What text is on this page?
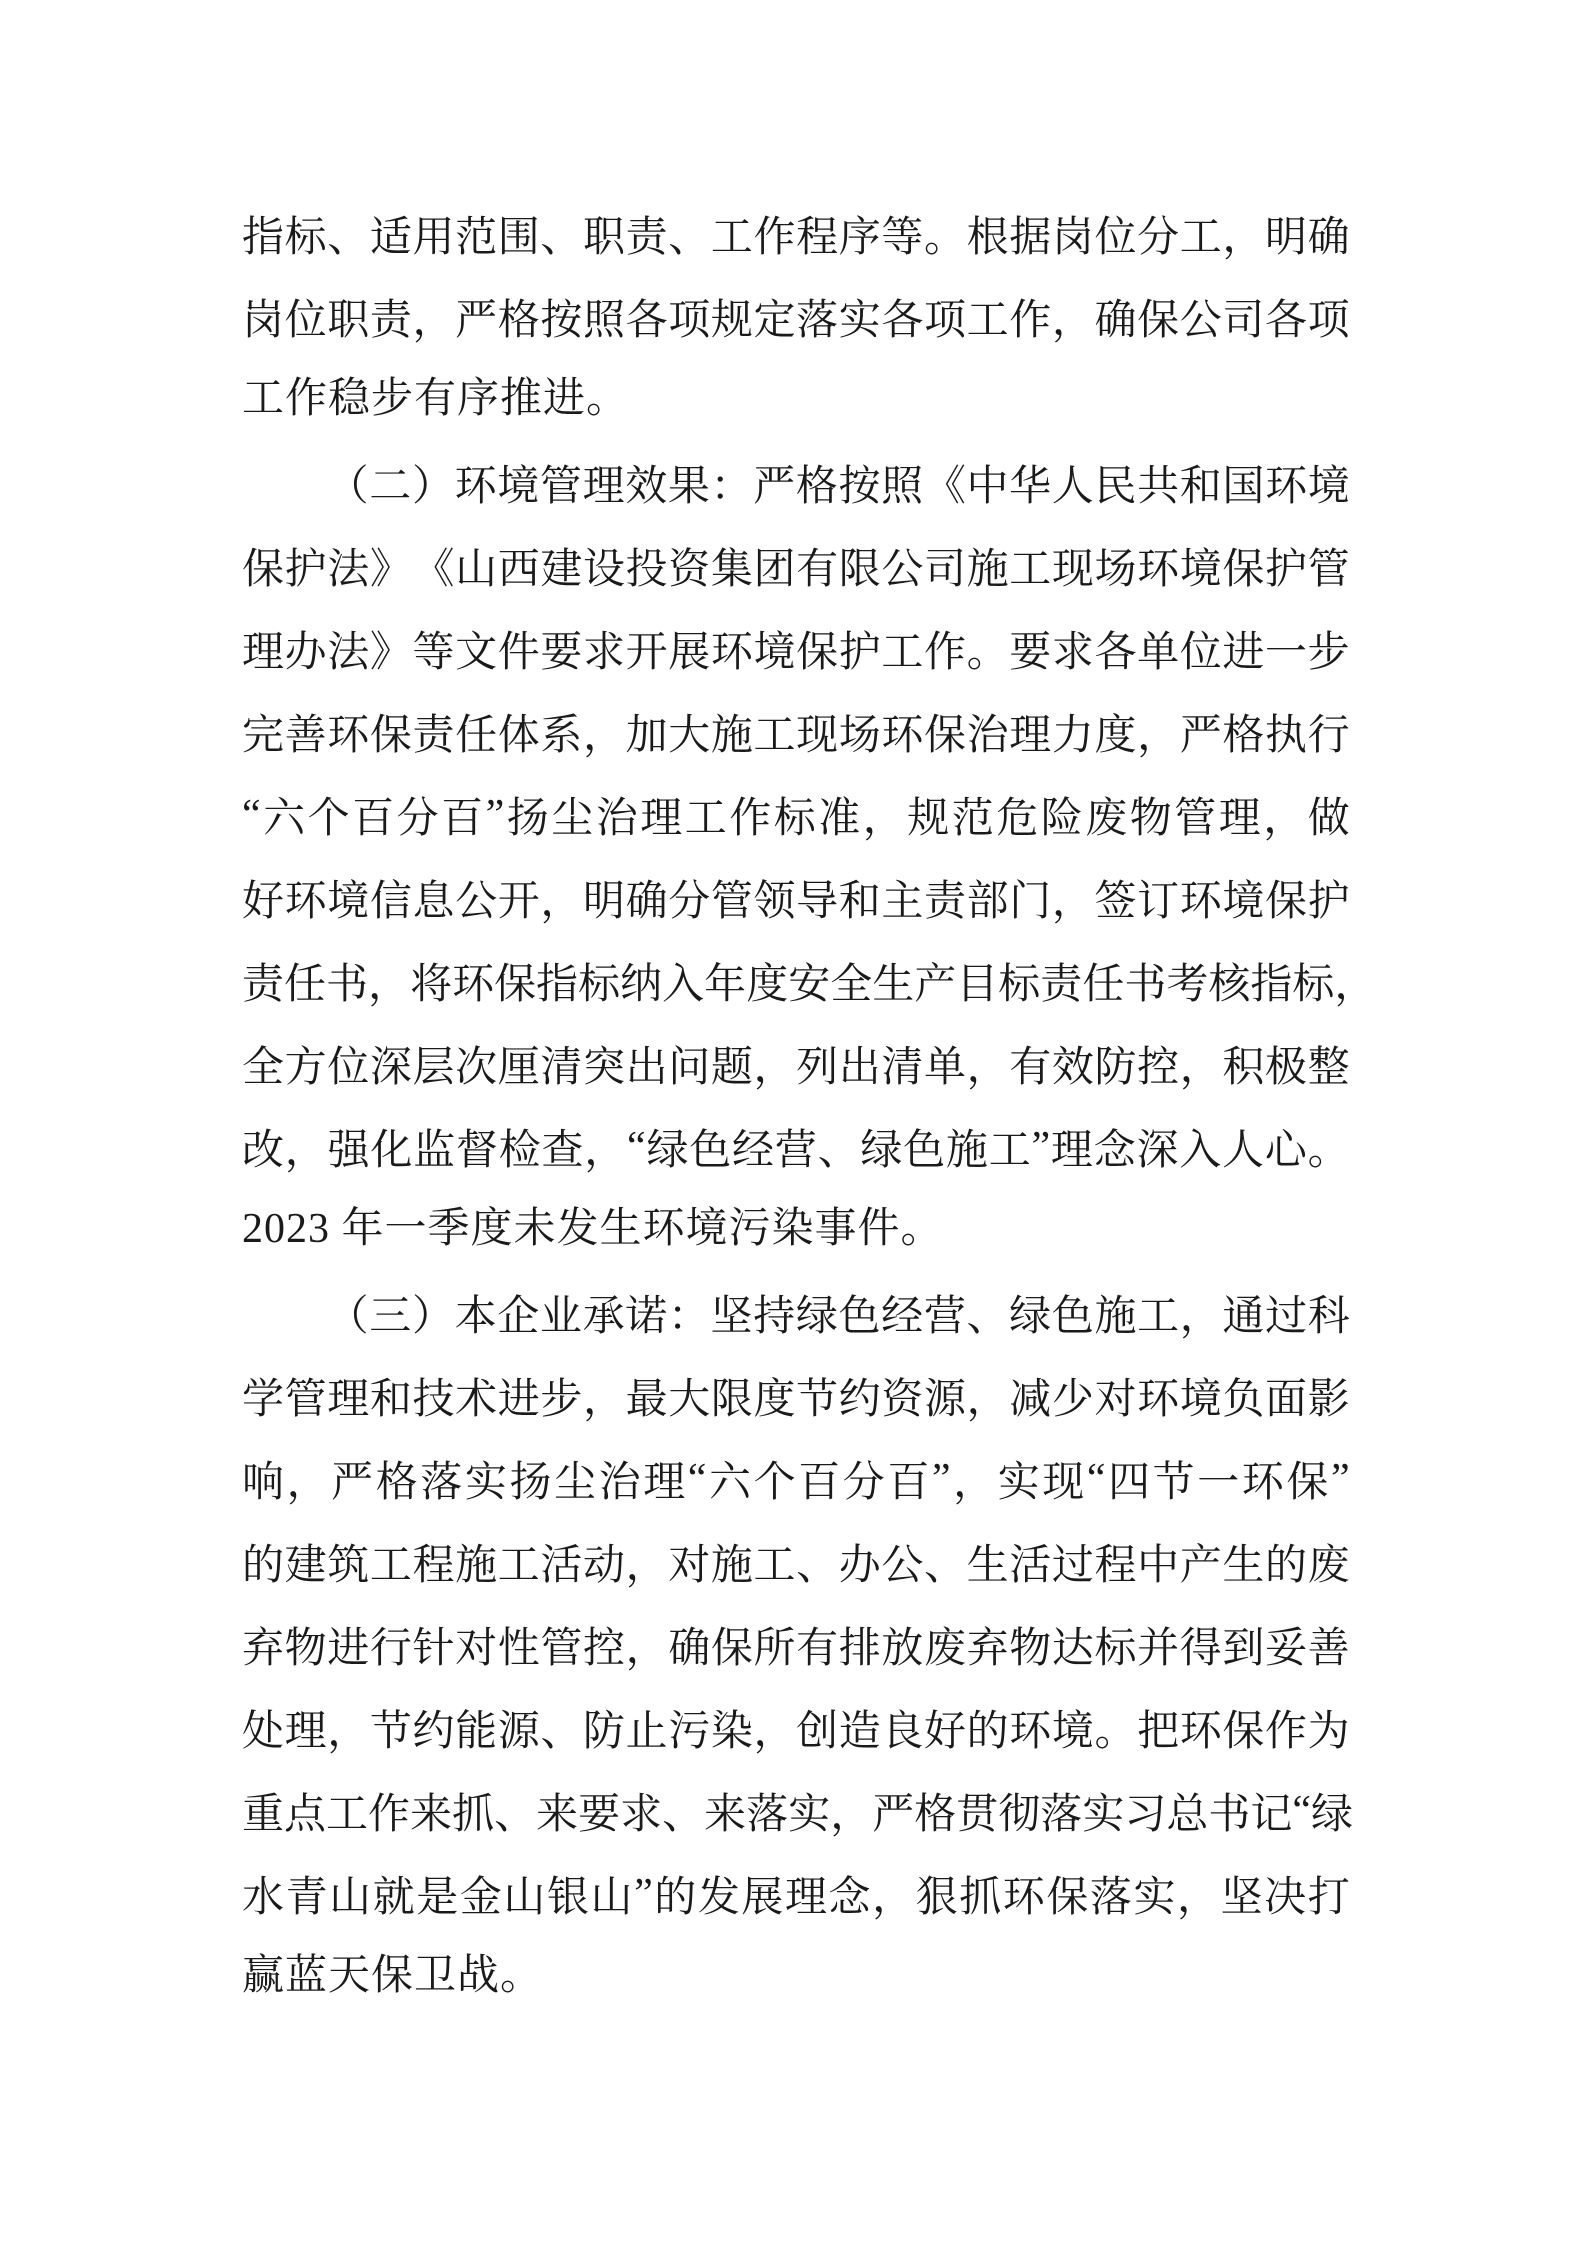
指 标 、 适 用 范 围 、 职 责 、 工 作 程 序 等 。 根 据 岗 位 分 工 ， 明 确
岗 位 职 责 ， 严 格 按 照 各 项 规 定 落 实 各 项 工 作 ， 确 保 公 司 各 项
工作稳步有序推进。
（ 二 ） 环 境 管 理 效 果 ： 严 格 按 照 《 中 华 人 民 共 和 国 环 境
保 护 法 》 《 山 西 建 设 投 资 集 团 有 限 公 司 施 工 现 场 环 境 保 护 管
理 办 法 》 等 文 件 要 求 开 展 环 境 保 护 工 作 。 要 求 各 单 位 进 一 步
完 善 环 保 责 任 体 系 ， 加 大 施 工 现 场 环 保 治 理 力 度 ， 严 格 执 行
“ 六 个 百 分 百 ” 扬 尘 治 理 工 作 标 准 ， 规 范 危 险 废 物 管 理 ， 做
好 环 境 信 息 公 开 ， 明 确 分 管 领 导 和 主 责 部 门 ， 签 订 环 境 保 护
责 任 书 ， 将 环 保 指 标 纳 入 年 度 安 全 生 产 目 标 责 任 书 考 核 指 标 ，
全 方 位 深 层 次 厘 清 突 出 问 题 ， 列 出 清 单 ， 有 效 防 控 ， 积 极 整
改 ， 强 化 监 督 检 查 ， “ 绿 色 经 营 、 绿 色 施 工 ” 理 念 深 入 人 心 。
2023 年一季度未发生环境污染事件。
（ 三 ） 本 企 业 承 诺 ： 坚 持 绿 色 经 营 、 绿 色 施 工 ， 通 过 科
学 管 理 和 技 术 进 步 ， 最 大 限 度 节 约 资 源 ， 减 少 对 环 境 负 面 影
响 ， 严 格 落 实 扬 尘 治 理 “ 六 个 百 分 百 ” ， 实 现 “ 四 节 一 环 保 ”
的 建 筑 工 程 施 工 活 动 ， 对 施 工 、 办 公 、 生 活 过 程 中 产 生 的 废
弃 物 进 行 针 对 性 管 控 ， 确 保 所 有 排 放 废 弃 物 达 标 并 得 到 妥 善
处 理 ， 节 约 能 源 、 防 止 污 染 ， 创 造 良 好 的 环 境 。 把 环 保 作 为
重 点 工 作 来 抓 、 来 要 求 、 来 落 实 ， 严 格 贯 彻 落 实 习 总 书 记 “ 绿
水 青 山 就 是 金 山 银 山 ” 的 发 展 理 念 ， 狠 抓 环 保 落 实 ， 坚 决 打
赢蓝天保卫战。
